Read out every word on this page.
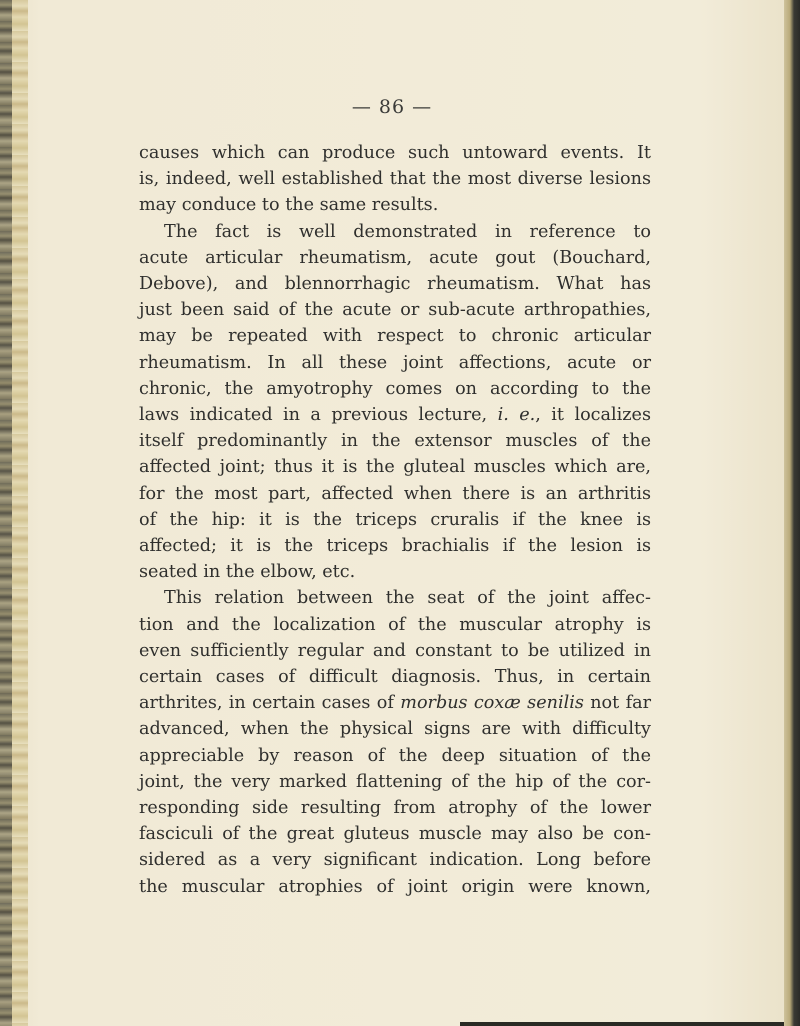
— 86 —
causes which can produce such untoward events. It
is, indeed, well established that the most diverse lesions
may conduce to the same results.
The fact is well demonstrated in reference to
acute articular rheumatism, acute gout (Bouchard,
Debove), and blennorrhagic rheumatism. What has
just been said of the acute or sub-acute arthropathies,
may be repeated with respect to chronic articular
rheumatism. In all these joint affections, acute or
chronic, the amyotrophy comes on according to the
laws indicated in a previous lecture, i. e., it localizes
itself predominantly in the extensor muscles of the
affected joint; thus it is the gluteal muscles which are,
for the most part, affected when there is an arthritis
of the hip: it is the triceps cruralis if the knee is
affected; it is the triceps brachialis if the lesion is
seated in the elbow, etc.
This relation between the seat of the joint affec-
tion and the localization of the muscular atrophy is
even sufficiently regular and constant to be utilized in
certain cases of difficult diagnosis. Thus, in certain
arthrites, in certain cases of morbus coxæ senilis not far
advanced, when the physical signs are with difficulty
appreciable by reason of the deep situation of the
joint, the very marked flattening of the hip of the cor-
responding side resulting from atrophy of the lower
fasciculi of the great gluteus muscle may also be con-
sidered as a very significant indication. Long before
the muscular atrophies of joint origin were known,
